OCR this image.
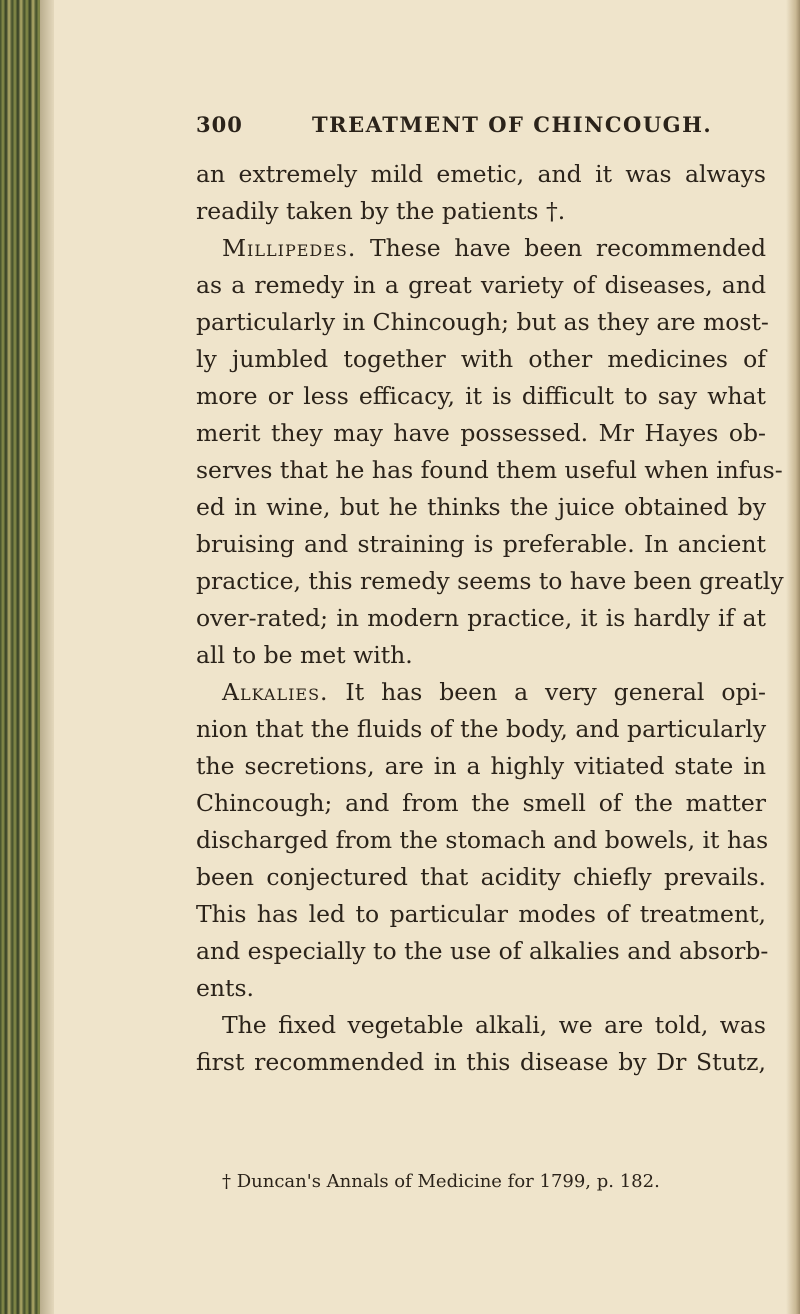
300	TREATMENT OF CHINCOUGH.
an extremely mild emetic, and it was always
readily taken by the patients †.
Millipedes. These have been recommended
as a remedy in a great variety of diseases, and
particularly in Chincough; but as they are most-
ly jumbled together with other medicines of
more or less efficacy, it is difficult to say what
merit they may have possessed. Mr Hayes ob-
serves that he has found them useful when infus-
ed in wine, but he thinks the juice obtained by
bruising and straining is preferable. In ancient
practice, this remedy seems to have been greatly
over-rated; in modern practice, it is hardly if at
all to be met with.
Alkalies. It has been a very general opi-
nion that the fluids of the body, and particularly
the secretions, are in a highly vitiated state in
Chincough; and from the smell of the matter
discharged from the stomach and bowels, it has
been conjectured that acidity chiefly prevails.
This has led to particular modes of treatment,
and especially to the use of alkalies and absorb-
ents.
The fixed vegetable alkali, we are told, was
first recommended in this disease by Dr Stutz,
† Duncan's Annals of Medicine for 1799, p. 182.
